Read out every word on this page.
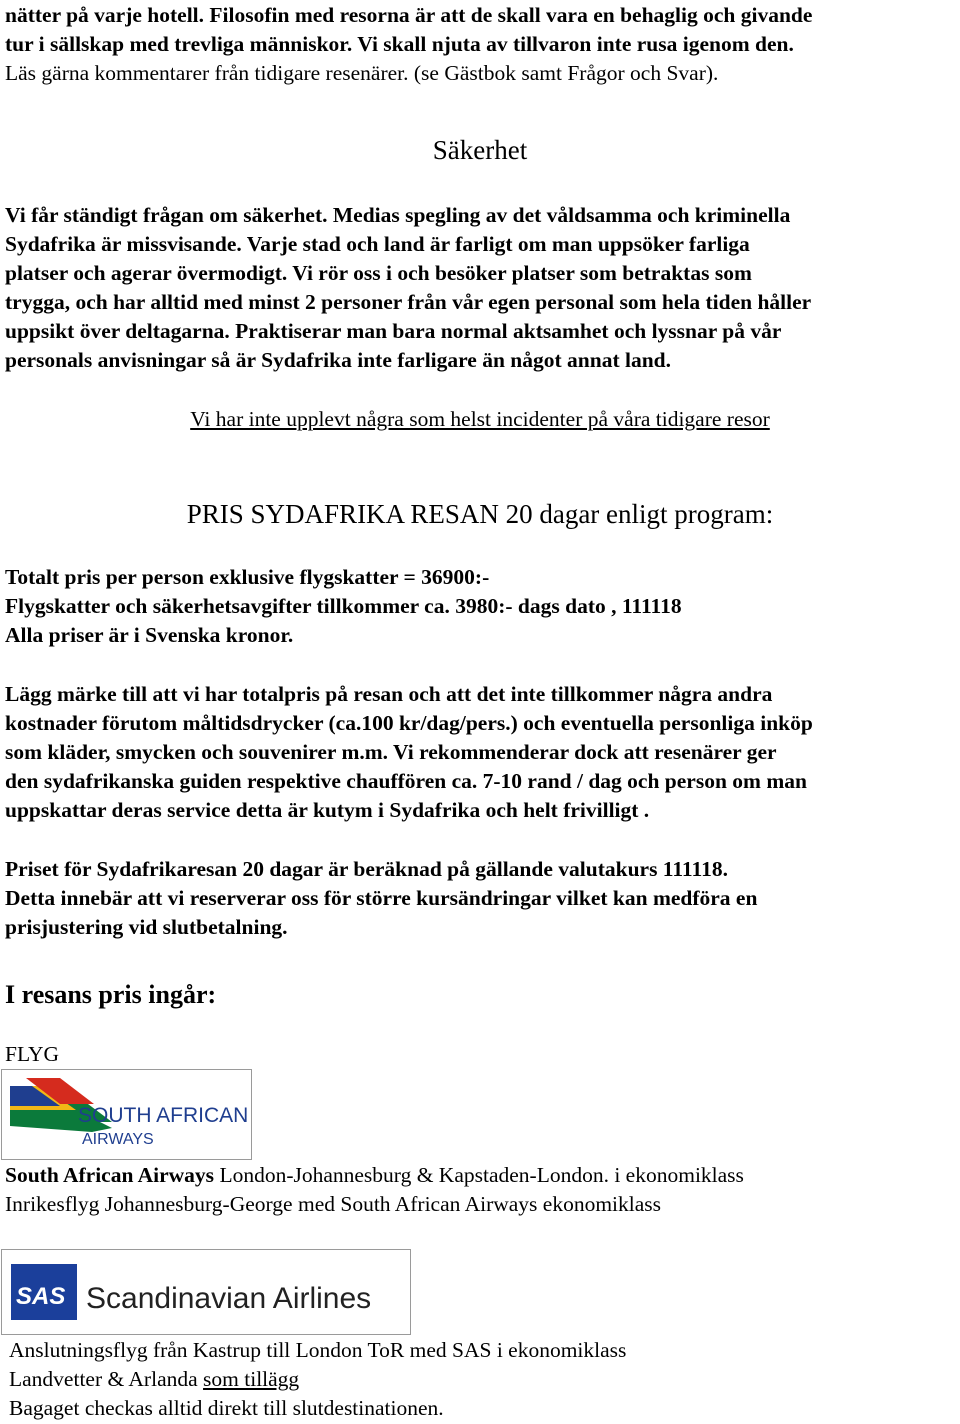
nätter på varje hotell. Filosofin med resorna är att de skall vara en behaglig och givande
tur i sällskap med trevliga människor. Vi skall njuta av tillvaron inte rusa igenom den.
Läs gärna kommentarer från tidigare resenärer. (se Gästbok samt Frågor och Svar).
Säkerhet
Vi får ständigt frågan om säkerhet. Medias spegling av det våldsamma och kriminella
Sydafrika är missvisande. Varje stad och land är farligt om man uppsöker farliga
platser och agerar övermodigt. Vi rör oss i och besöker platser som betraktas som
trygga, och har alltid med minst 2 personer från vår egen personal som hela tiden håller
uppsikt över deltagarna. Praktiserar man bara normal aktsamhet och lyssnar på vår
personals anvisningar så är Sydafrika inte farligare än något annat land.
Vi har inte upplevt några som helst incidenter på våra tidigare resor
PRIS SYDAFRIKA RESAN 20 dagar enligt program:
Totalt pris per person exklusive flygskatter = 36900:-
Flygskatter och säkerhetsavgifter tillkommer ca. 3980:- dags dato , 111118
Alla priser är i Svenska kronor.
Lägg märke till att vi har totalpris på resan och att det inte tillkommer några andra
kostnader förutom måltidsdrycker (ca.100 kr/dag/pers.) och eventuella personliga inköp
som kläder, smycken och souvenirer m.m. Vi rekommenderar dock att resenärer ger
den sydafrikanska guiden respektive chauffören ca. 7-10 rand / dag och person om man
uppskattar deras service detta är kutym i Sydafrika och helt frivilligt .
Priset för Sydafrikaresan 20 dagar är beräknad på gällande valutakurs 111118.
Detta innebär att vi reserverar oss för större kursändringar vilket kan medföra en
prisjustering vid slutbetalning.
I resans pris ingår:
FLYG
SOUTH AFRICAN
AIRWAYS
South African Airways London-Johannesburg & Kapstaden-London. i ekonomiklass
Inrikesflyg Johannesburg-George med South African Airways ekonomiklass
SAS Scandinavian Airlines
Anslutningsflyg från Kastrup till London ToR med SAS i ekonomiklass
Landvetter & Arlanda som tillägg
Bagaget checkas alltid direkt till slutdestinationen.
